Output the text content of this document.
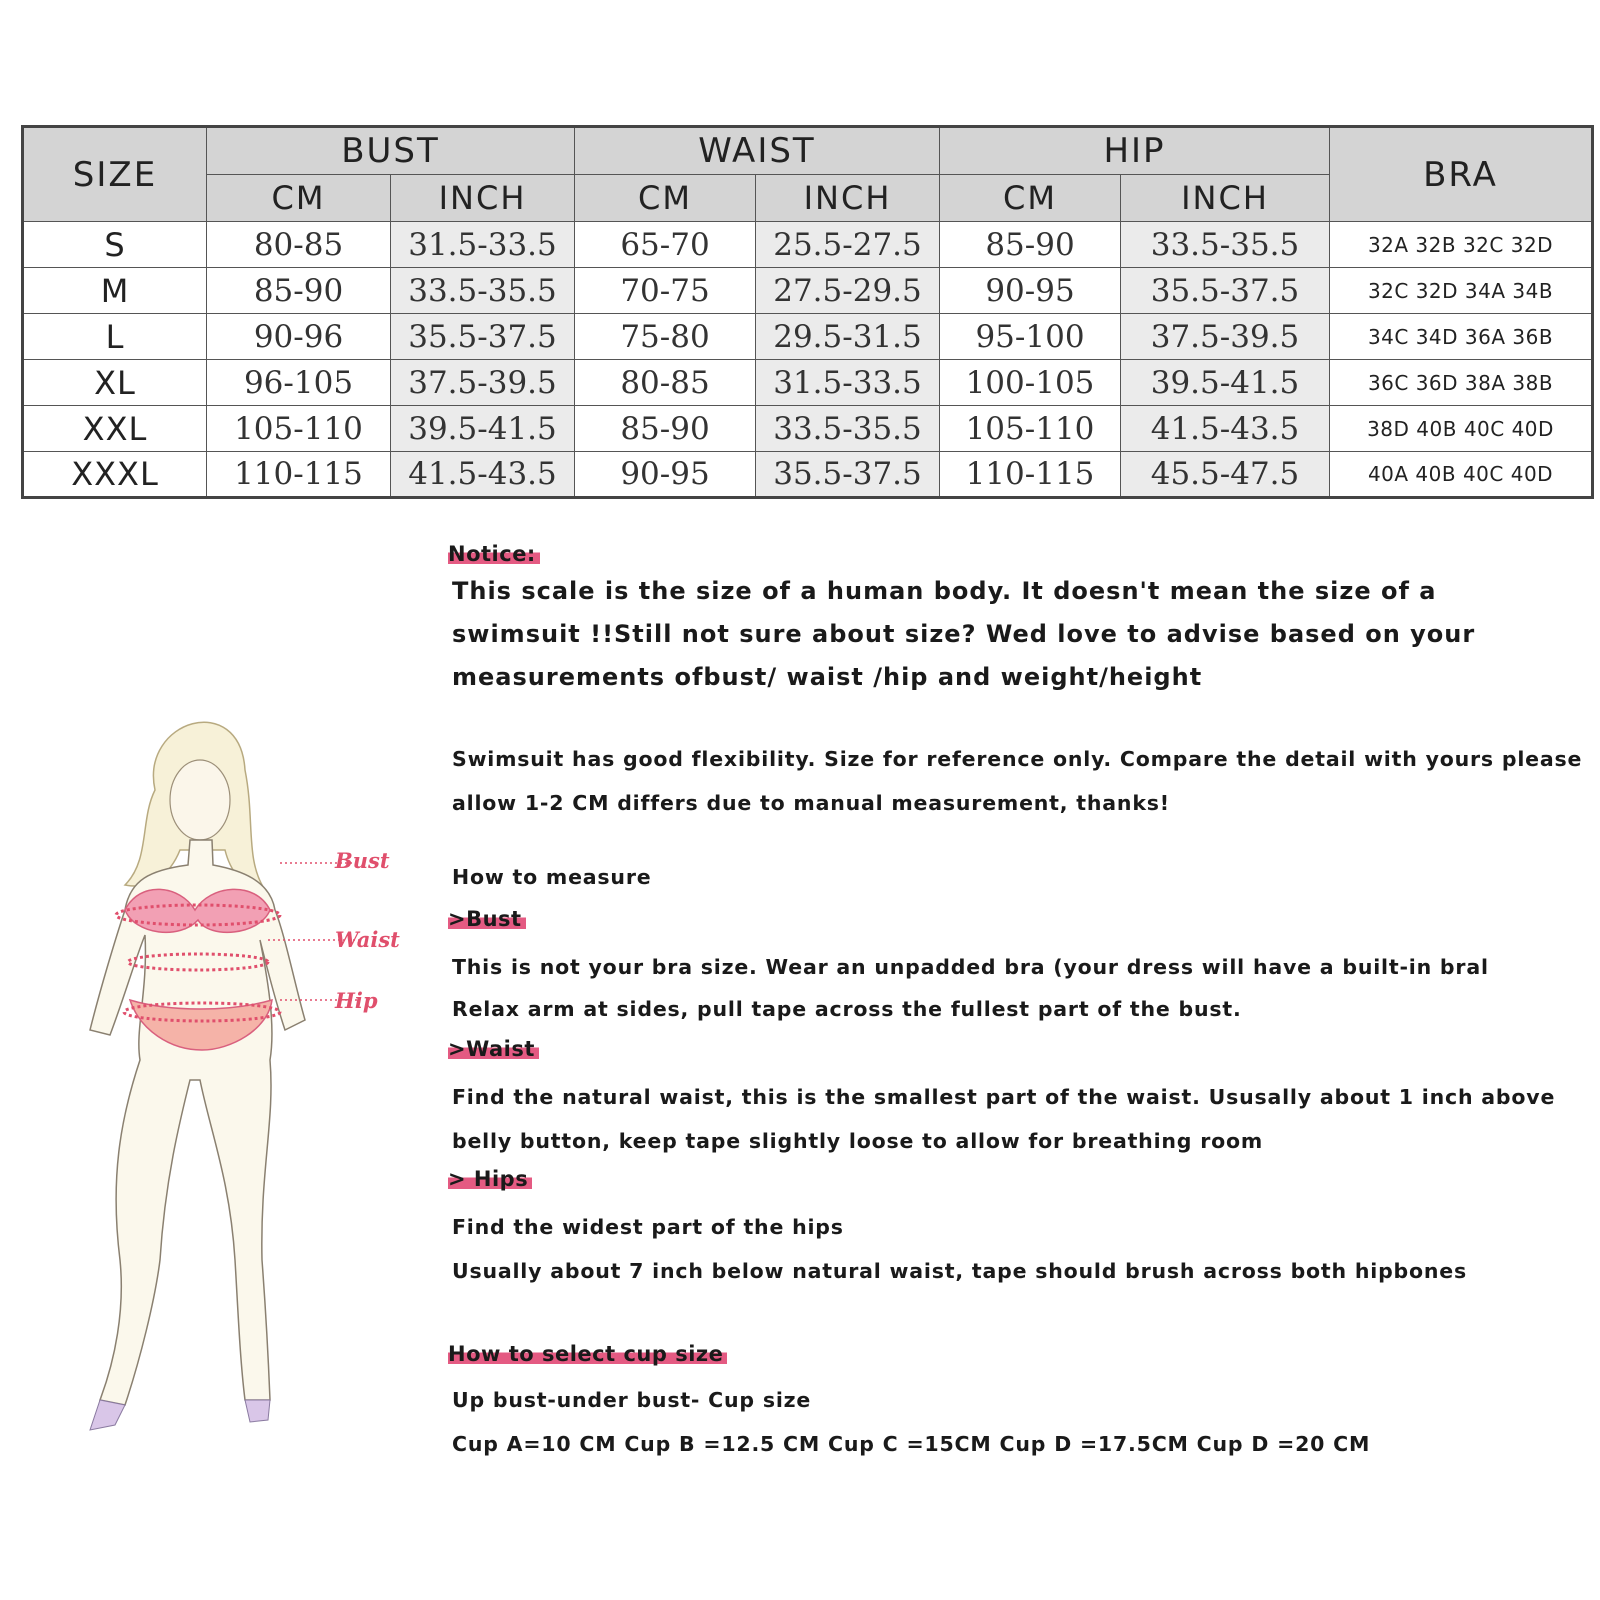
SIZE	BUST		WAIST		HIP		BRA
	CM	INCH	CM	INCH	CM	INCH	
S	80-85	31.5-33.5	65-70	25.5-27.5	85-90	33.5-35.5	32A 32B 32C 32D
M	85-90	33.5-35.5	70-75	27.5-29.5	90-95	35.5-37.5	32C 32D 34A 34B
L	90-96	35.5-37.5	75-80	29.5-31.5	95-100	37.5-39.5	34C 34D 36A 36B
XL	96-105	37.5-39.5	80-85	31.5-33.5	100-105	39.5-41.5	36C 36D 38A 38B
XXL	105-110	39.5-41.5	85-90	33.5-35.5	105-110	41.5-43.5	38D 40B 40C 40D
XXXL	110-115	41.5-43.5	90-95	35.5-37.5	110-115	45.5-47.5	40A 40B 40C 40D
Bust
Waist
Hip
Notice:

This scale is the size of a human body. It doesn't mean the size of a

swimsuit !!Still not sure about size? Wed love to advise based on your

measurements ofbust/ waist /hip and weight/height

Swimsuit has good flexibility. Size for reference only. Compare the detail with yours please

allow 1-2 CM differs due to manual measurement, thanks!

How to measure

>Bust

This is not your bra size. Wear an unpadded bra (your dress will have a built-in bral

Relax arm at sides, pull tape across the fullest part of the bust.

>Waist

Find the natural waist, this is the smallest part of the waist. Ususally about 1 inch above

belly button, keep tape slightly loose to allow for breathing room

> Hips

Find the widest part of the hips

Usually about 7 inch below natural waist, tape should brush across both hipbones

How to select cup size

Up bust-under bust- Cup size

Cup A=10 CM Cup B =12.5 CM Cup C =15CM Cup D =17.5CM Cup D =20 CM
